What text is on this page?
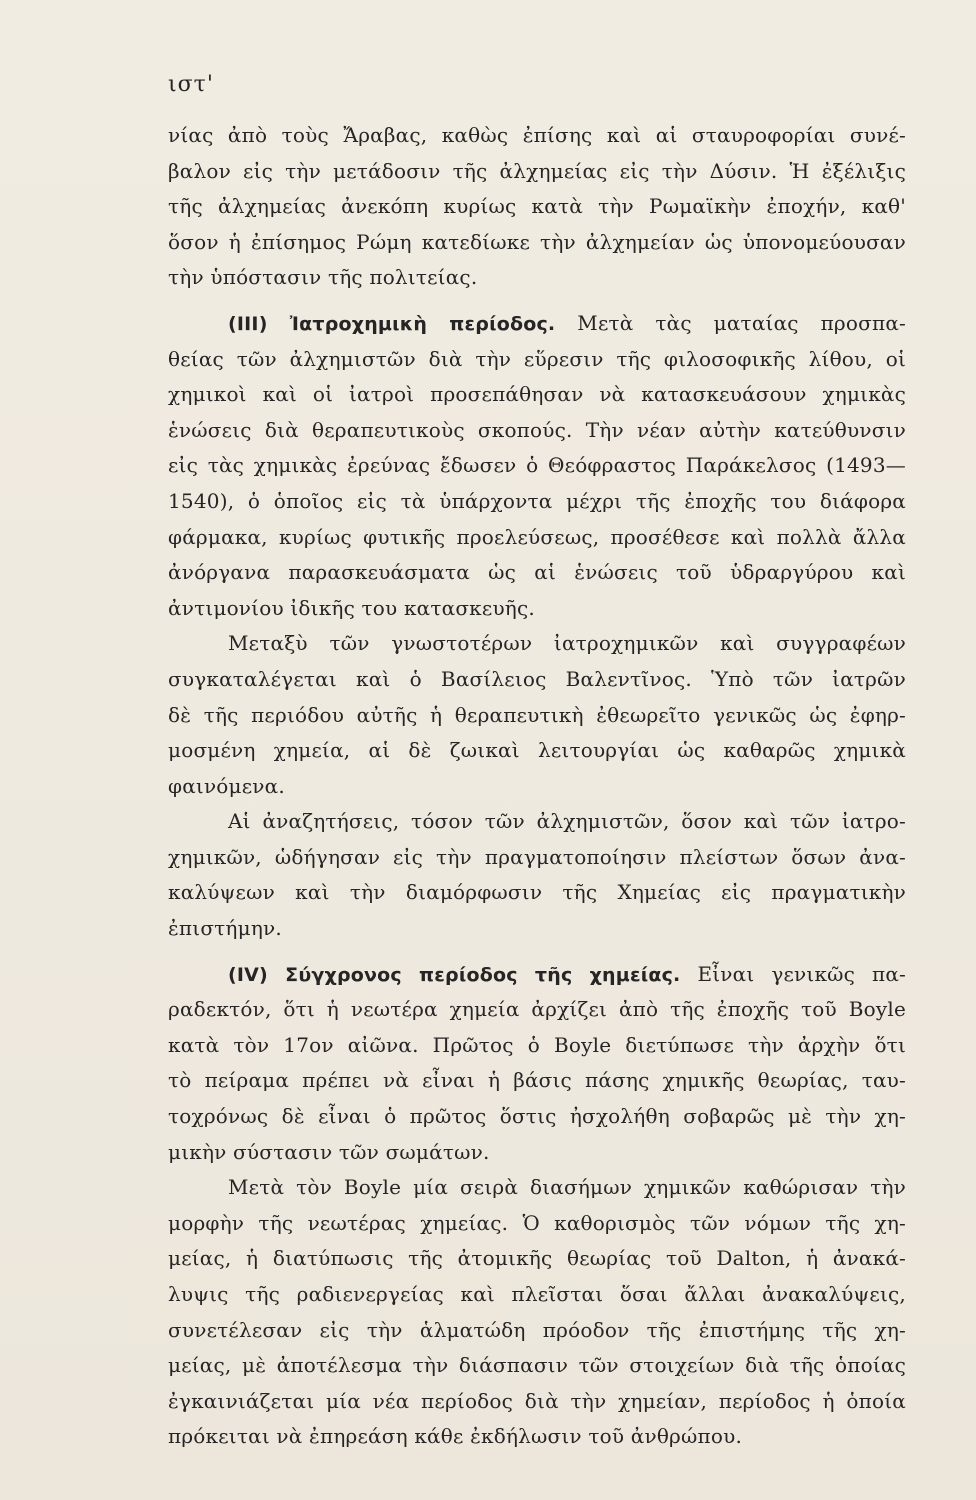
ιστ'
νίας ἀπὸ τοὺς Ἄραβας, καθὼς ἐπίσης καὶ αἱ σταυροφορίαι συνέ-
βαλον εἰς τὴν μετάδοσιν τῆς ἀλχημείας εἰς τὴν Δύσιν. Ἡ ἐξέλιξις
τῆς ἀλχημείας ἀνεκόπη κυρίως κατὰ τὴν Ρωμαϊκὴν ἐποχήν, καθ'
ὅσον ἡ ἐπίσημος Ρώμη κατεδίωκε τὴν ἀλχημείαν ὡς ὑπονομεύουσαν
τὴν ὑπόστασιν τῆς πολιτείας.
(ΙΙΙ) Ἰατροχημικὴ περίοδος. Μετὰ τὰς ματαίας προσπα-
θείας τῶν ἀλχημιστῶν διὰ τὴν εὕρεσιν τῆς φιλοσοφικῆς λίθου, οἱ
χημικοὶ καὶ οἱ ἰατροὶ προσεπάθησαν νὰ κατασκευάσουν χημικὰς
ἑνώσεις διὰ θεραπευτικοὺς σκοπούς. Τὴν νέαν αὐτὴν κατεύθυνσιν
εἰς τὰς χημικὰς ἐρεύνας ἔδωσεν ὁ Θεόφραστος Παράκελσος (1493—
1540), ὁ ὁποῖος εἰς τὰ ὑπάρχοντα μέχρι τῆς ἐποχῆς του διάφορα
φάρμακα, κυρίως φυτικῆς προελεύσεως, προσέθεσε καὶ πολλὰ ἄλλα
ἀνόργανα παρασκευάσματα ὡς αἱ ἑνώσεις τοῦ ὑδραργύρου καὶ
ἀντιμονίου ἰδικῆς του κατασκευῆς.
Μεταξὺ τῶν γνωστοτέρων ἰατροχημικῶν καὶ συγγραφέων
συγκαταλέγεται καὶ ὁ Βασίλειος Βαλεντῖνος. Ὑπὸ τῶν ἰατρῶν
δὲ τῆς περιόδου αὐτῆς ἡ θεραπευτικὴ ἐθεωρεῖτο γενικῶς ὡς ἐφηρ-
μοσμένη χημεία, αἱ δὲ ζωικαὶ λειτουργίαι ὡς καθαρῶς χημικὰ
φαινόμενα.
Αἱ ἀναζητήσεις, τόσον τῶν ἀλχημιστῶν, ὅσον καὶ τῶν ἰατρο-
χημικῶν, ὡδήγησαν εἰς τὴν πραγματοποίησιν πλείστων ὅσων ἀνα-
καλύψεων καὶ τὴν διαμόρφωσιν τῆς Χημείας εἰς πραγματικὴν
ἐπιστήμην.
(IV) Σύγχρονος περίοδος τῆς χημείας. Εἶναι γενικῶς πα-
ραδεκτόν, ὅτι ἡ νεωτέρα χημεία ἀρχίζει ἀπὸ τῆς ἐποχῆς τοῦ Boyle
κατὰ τὸν 17ον αἰῶνα. Πρῶτος ὁ Boyle διετύπωσε τὴν ἀρχὴν ὅτι
τὸ πείραμα πρέπει νὰ εἶναι ἡ βάσις πάσης χημικῆς θεωρίας, ταυ-
τοχρόνως δὲ εἶναι ὁ πρῶτος ὅστις ἠσχολήθη σοβαρῶς μὲ τὴν χη-
μικὴν σύστασιν τῶν σωμάτων.
Μετὰ τὸν Boyle μία σειρὰ διασήμων χημικῶν καθώρισαν τὴν
μορφὴν τῆς νεωτέρας χημείας. Ὁ καθορισμὸς τῶν νόμων τῆς χη-
μείας, ἡ διατύπωσις τῆς ἀτομικῆς θεωρίας τοῦ Dalton, ἡ ἀνακά-
λυψις τῆς ραδιενεργείας καὶ πλεῖσται ὅσαι ἄλλαι ἀνακαλύψεις,
συνετέλεσαν εἰς τὴν ἁλματώδη πρόοδον τῆς ἐπιστήμης τῆς χη-
μείας, μὲ ἀποτέλεσμα τὴν διάσπασιν τῶν στοιχείων διὰ τῆς ὁποίας
ἐγκαινιάζεται μία νέα περίοδος διὰ τὴν χημείαν, περίοδος ἡ ὁποία
πρόκειται νὰ ἐπηρεάση κάθε ἐκδήλωσιν τοῦ ἀνθρώπου.
